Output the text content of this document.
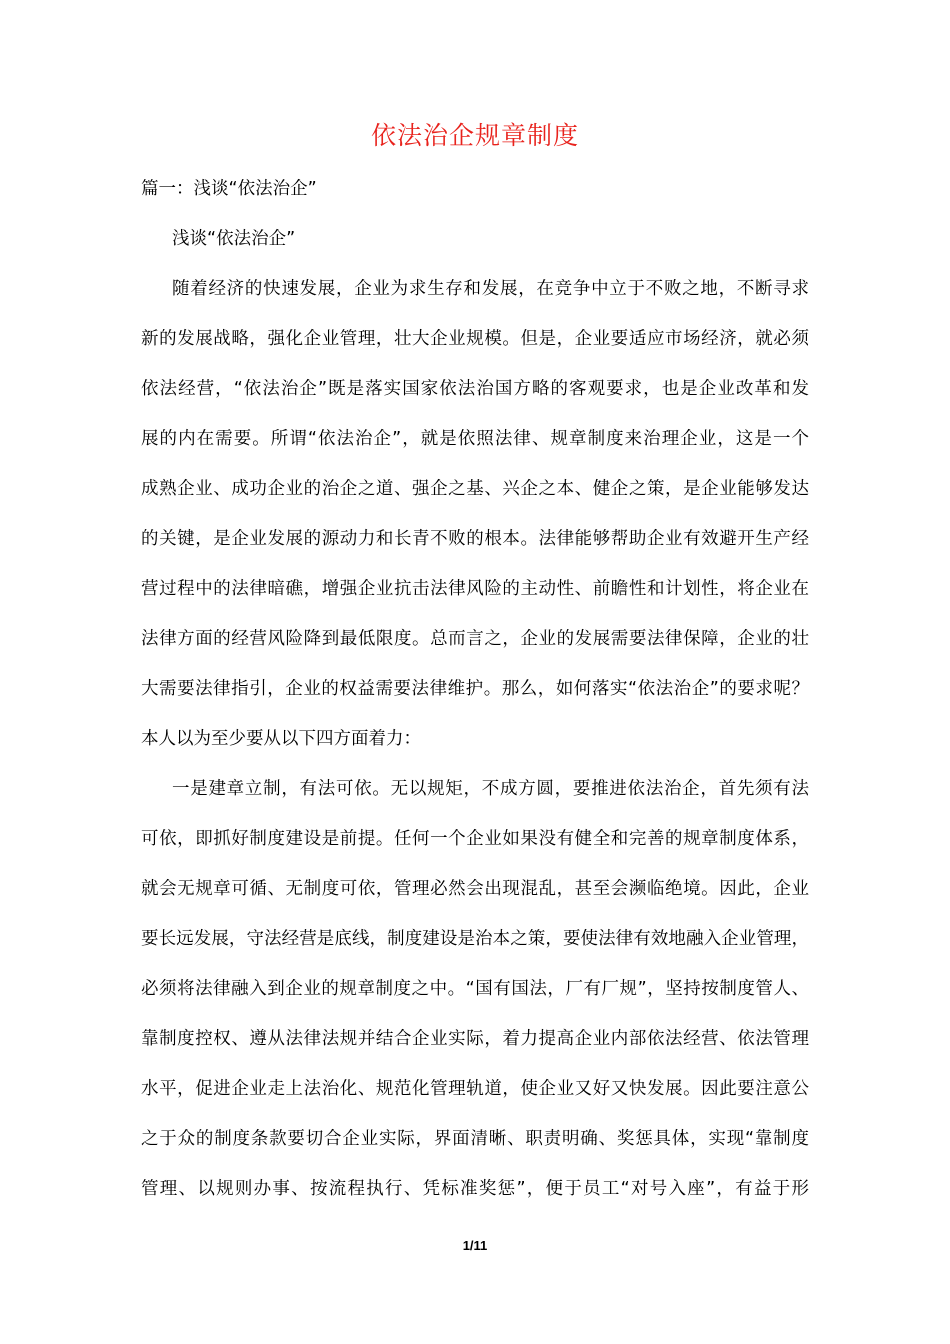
依法治企规章制度
篇一：浅谈“依法治企”
浅谈“依法治企”
随着经济的快速发展，企业为求生存和发展，在竞争中立于不败之地，不断寻求
新的发展战略，强化企业管理，壮大企业规模。但是，企业要适应市场经济，就必须
依法经营，“依法治企”既是落实国家依法治国方略的客观要求，也是企业改革和发
展的内在需要。所谓“依法治企”，就是依照法律、规章制度来治理企业，这是一个
成熟企业、成功企业的治企之道、强企之基、兴企之本、健企之策，是企业能够发达
的关键，是企业发展的源动力和长青不败的根本。法律能够帮助企业有效避开生产经
营过程中的法律暗礁，增强企业抗击法律风险的主动性、前瞻性和计划性，将企业在
法律方面的经营风险降到最低限度。总而言之，企业的发展需要法律保障，企业的壮
大需要法律指引，企业的权益需要法律维护。那么，如何落实“依法治企”的要求呢？
本人以为至少要从以下四方面着力：
一是建章立制，有法可依。无以规矩，不成方圆，要推进依法治企，首先须有法
可依，即抓好制度建设是前提。任何一个企业如果没有健全和完善的规章制度体系，
就会无规章可循、无制度可依，管理必然会出现混乱，甚至会濒临绝境。因此，企业
要长远发展，守法经营是底线，制度建设是治本之策，要使法律有效地融入企业管理，
必须将法律融入到企业的规章制度之中。“国有国法，厂有厂规”，坚持按制度管人、
靠制度控权、遵从法律法规并结合企业实际，着力提高企业内部依法经营、依法管理
水平，促进企业走上法治化、规范化管理轨道，使企业又好又快发展。因此要注意公
之于众的制度条款要切合企业实际，界面清晰、职责明确、奖惩具体，实现“靠制度
管理、以规则办事、按流程执行、凭标准奖惩”，便于员工“对号入座”，有益于形
1/11
